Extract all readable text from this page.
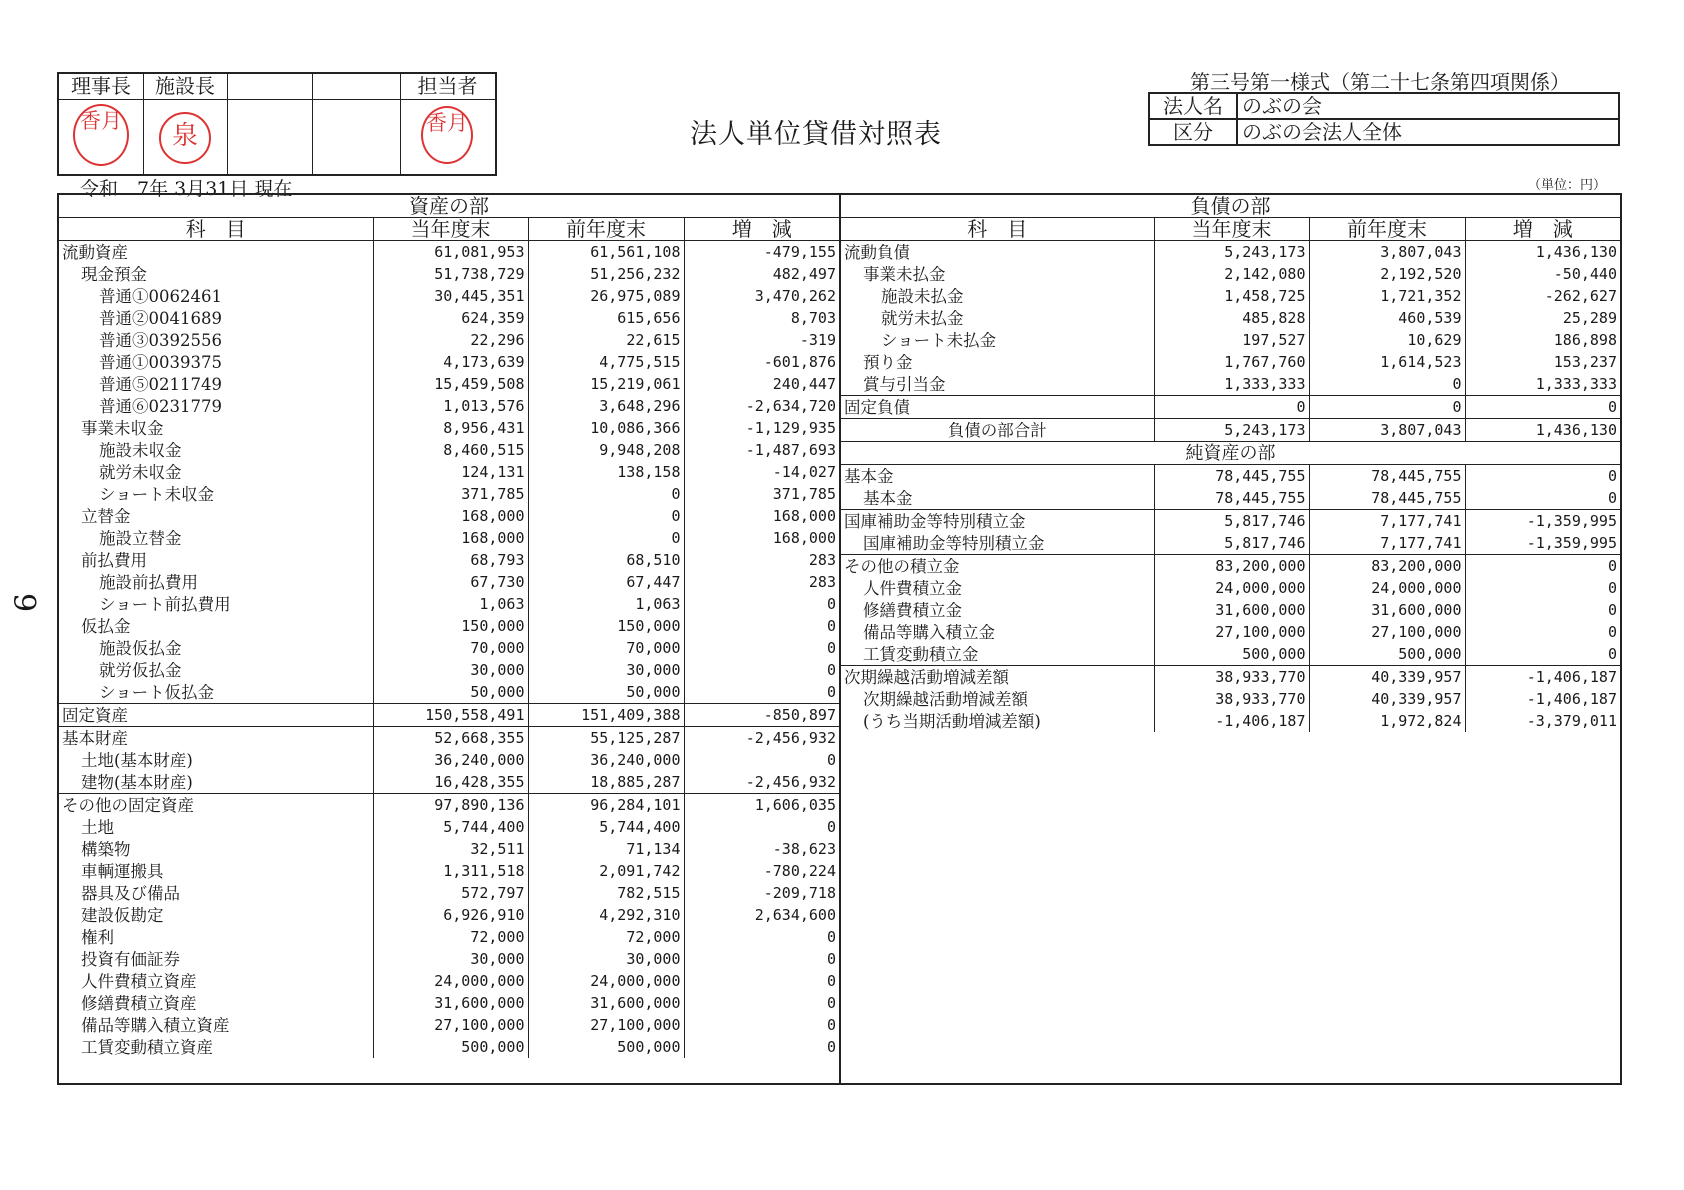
理事長	施設長	担当者
香月	泉	香月	法人単位貸借対照表
第三号第一様式（第二十七条第四項関係）
法人名 のぶの会
区分	のぶの会法人全体
令和　7年 3月31日 現在	（単位：円）
9
資産の部			
科　目	当年度末	前年度末	増　減
流動資産	61,081,953	61,561,108	-479,155
現金預金	51,738,729	51,256,232	482,497
普通①0062461	30,445,351	26,975,089	3,470,262
普通②0041689	624,359	615,656	8,703
普通③0392556	22,296	22,615	-319
普通①0039375	4,173,639	4,775,515	-601,876
普通⑤0211749	15,459,508	15,219,061	240,447
普通⑥0231779	1,013,576	3,648,296	-2,634,720
事業未収金	8,956,431	10,086,366	-1,129,935
施設未収金	8,460,515	9,948,208	-1,487,693
就労未収金	124,131	138,158	-14,027
ショート未収金	371,785	0	371,785
立替金	168,000	0	168,000
施設立替金	168,000	0	168,000
前払費用	68,793	68,510	283
施設前払費用	67,730	67,447	283
ショート前払費用	1,063	1,063	0
仮払金	150,000	150,000	0
施設仮払金	70,000	70,000	0
就労仮払金	30,000	30,000	0
ショート仮払金	50,000	50,000	0
固定資産	150,558,491	151,409,388	-850,897
基本財産	52,668,355	55,125,287	-2,456,932
土地(基本財産)	36,240,000	36,240,000	0
建物(基本財産)	16,428,355	18,885,287	-2,456,932
その他の固定資産	97,890,136	96,284,101	1,606,035
土地	5,744,400	5,744,400	0
構築物	32,511	71,134	-38,623
車輌運搬具	1,311,518	2,091,742	-780,224
器具及び備品	572,797	782,515	-209,718
建設仮勘定	6,926,910	4,292,310	2,634,600
権利	72,000	72,000	0
投資有価証券	30,000	30,000	0
人件費積立資産	24,000,000	24,000,000	0
修繕費積立資産	31,600,000	31,600,000	0
備品等購入積立資産	27,100,000	27,100,000	0
工賃変動積立資産	500,000	500,000	0
負債の部			
科　目	当年度末	前年度末	増　減
流動負債	5,243,173	3,807,043	1,436,130
事業未払金	2,142,080	2,192,520	-50,440
施設未払金	1,458,725	1,721,352	-262,627
就労未払金	485,828	460,539	25,289
ショート未払金	197,527	10,629	186,898
預り金	1,767,760	1,614,523	153,237
賞与引当金	1,333,333	0	1,333,333
固定負債	0	0	0
負債の部合計	5,243,173	3,807,043	1,436,130
純資産の部			
基本金	78,445,755	78,445,755	0
基本金	78,445,755	78,445,755	0
国庫補助金等特別積立金	5,817,746	7,177,741	-1,359,995
国庫補助金等特別積立金	5,817,746	7,177,741	-1,359,995
その他の積立金	83,200,000	83,200,000	0
人件費積立金	24,000,000	24,000,000	0
修繕費積立金	31,600,000	31,600,000	0
備品等購入積立金	27,100,000	27,100,000	0
工賃変動積立金	500,000	500,000	0
次期繰越活動増減差額	38,933,770	40,339,957	-1,406,187
次期繰越活動増減差額	38,933,770	40,339,957	-1,406,187
(うち当期活動増減差額)	-1,406,187	1,972,824	-3,379,011
